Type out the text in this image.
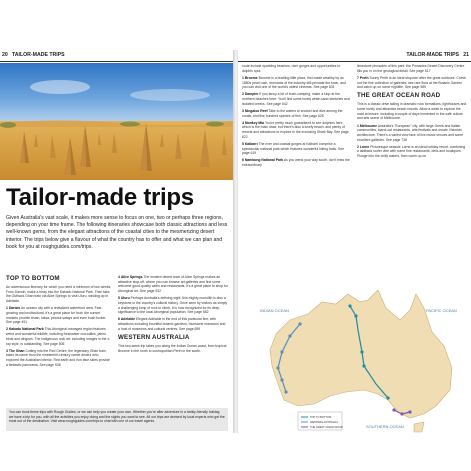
20 TAILOR-MADE TRIPS
Tailor-made trips

Given Australia's vast scale, it makes more sense to focus on one, two or perhaps three regions, depending on your time frame. The following itineraries showcase both classic attractions and less well-known gems, from the elegant attractions of the coastal cities to the mesmerizing desert interior. The trips below give a flavour of what the country has to offer and what we can plan and book for you at roughguides.com/trips.

TOP TO BOTTOM

An adventurous itinerary for which you need a minimum of two weeks. From Darwin, make a foray into the Kakadu National Park. Then take the Outback Ghan train via Alice Springs to visit Uluru, winding up in Adelaide.

1 Darwin An oceans city with a revitalized waterfront area. Fast-growing and multicultural, it's a great place for food; the sunset markets provide Asian, laksa, peanut satays and even bush tucker. See page 491

2 Kakadu National Park This Aboriginal-managed region features weird and wonderful wildlife, including freshwater crocodiles, jabiru birds and dingoes. The indigenous rock art, including images in the x-ray style, is outstanding. See page 506

3 The Ghan Cutting into the Red Centre, the legendary Ghan train takes its name from the nineteenth-century camel drivers who explored the Australian interior. Red earth and Iron blue skies provide a fantastic panorama. See page 538

4 Alice Springs The modern desert town of Alice Springs makes an attractive stop-off, where you can browse art galleries and find some welcome good-quality cafés and restaurants. It's a great place to shop for Aboriginal art. See page 532

5 Uluru Perhaps Australia's defining sight, this mighty monolith is also a keystone in the country's cultural history. Once seen by visitors as simply a challenging lump of rock to climb, it is now recognized for its deep significance to the local Aboriginal population. See page 552

6 Adelaide Elegant Adelaide is the end of this particular line, with attractions including bountiful botanic gardens, bluestone mansions and a host of museums and cultural centres. See page 659

WESTERN AUSTRALIA

This two-week trip takes you along the Indian Ocean coast, from tropical Broome in the north to cosmopolitan Perth in the south.

You can book these trips with Rough Guides, or we can help you create your own. Whether you're after adventure in a family-friendly holiday, we have a trip for you, with all the activities you enjoy doing and the sights you want to see. All our trips are devised by local experts who get the most out of the destination. Visit www.roughguides.com/trips to chat with one of our travel agents.
TAILOR-MADE TRIPS 21

route include sparkling beaches, river gorges and opportunities to dolphin spot.

1 Broome Broome is a bustling little place, first made wealthy by an 1880s pearl rush, remnants of the industry still pervade the town, and you can visit one of the world's oldest cinemas. See page 831

2 Dampier If you fancy a bit of bush-camping, make a stop at the northern beaches here. You'll find some lovely white-sand stretches and isolated creeks. See page 642

3 Ningaloo Reef Take to the waters to snorkel and dive among the corals, and five hundred species of fish. See page 628

4 Monkey Mia You're pretty much guaranteed to see dolphins here, which is the main draw, but there's also a lovely beach, and plenty of resorts and attractions to explore in the enclosing Shark Bay. See page 622

5 Kalbarri The river and coastal gorges at Kalbarri comprise a spectacular national park which features wonderful hiking trails. See page 619

6 Nambung National Park As you wend your way south, don't miss the extraordinary

limestone pinnacles of this park, the Pinnacles Desert Discovery Centre fills you in on the geological detail. See page 617

7 Perth Sunny Perth is an ideal stopover after the great outdoors. Check out the fine collection of galleries, see rare flora at the Botanic Garden and catch up on some nightlife. See page 585

THE GREAT OCEAN ROAD

This is a classic drive taking in dramatic rock formations, lighthouses and some lovely and attractive beach resorts. Allow a week to explore the road at leisure, including a couple of days immersed in the café culture and arts scene of Melbourne.

1 Melbourne Australia's "European" city, with large Greek and Italian communities, stand-out restaurants, arts festivals and ornate Victorian architecture. There's a varied view face of live music venues and some excellent galleries. See page 736

2 Lorne Picturesque seaside Lorne is an ideal holiday resort, combining a laidback surfer vibe with some fine restaurants, delis and boutiques. Plunge into the chilly waters, then warm up on

INDIAN OCEAN	PACIFIC OCEAN
SOUTHERN OCEAN
TOP TO BOTTOM
WESTERN AUSTRALIA
THE GREAT OCEAN ROAD
